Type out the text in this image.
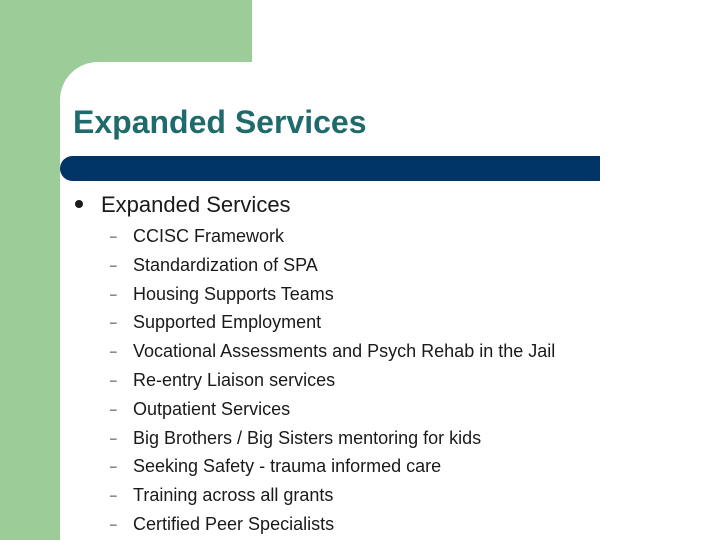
Expanded Services
Expanded Services
– CCISC Framework
– Standardization of SPA
– Housing Supports Teams
– Supported Employment
– Vocational Assessments and Psych Rehab in the Jail
– Re-entry Liaison services
– Outpatient Services
– Big Brothers / Big Sisters mentoring for kids
– Seeking Safety - trauma informed care
– Training across all grants
– Certified Peer Specialists
